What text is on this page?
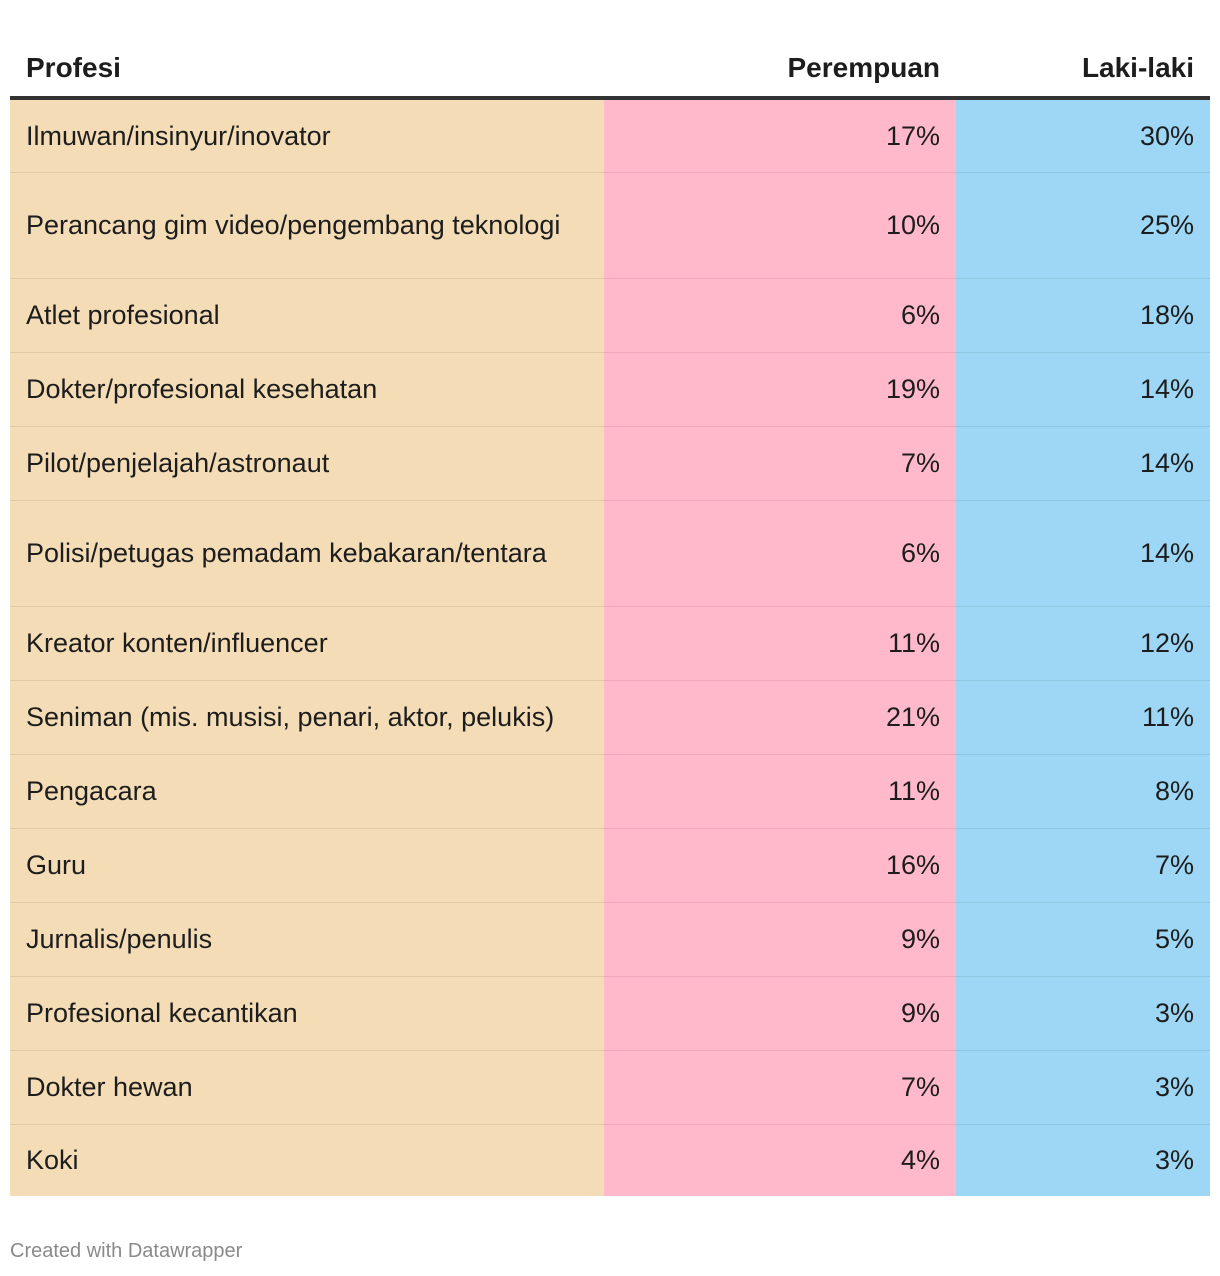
Profesi	Perempuan	Laki-laki
Ilmuwan/insinyur/inovator	17%	30%
Perancang gim video/pengembang teknologi	10%	25%
Atlet profesional	6%	18%
Dokter/profesional kesehatan	19%	14%
Pilot/penjelajah/astronaut	7%	14%
Polisi/petugas pemadam kebakaran/tentara	6%	14%
Kreator konten/influencer	11%	12%
Seniman (mis. musisi, penari, aktor, pelukis)	21%	11%
Pengacara	11%	8%
Guru	16%	7%
Jurnalis/penulis	9%	5%
Profesional kecantikan	9%	3%
Dokter hewan	7%	3%
Koki	4%	3%
Created with Datawrapper
